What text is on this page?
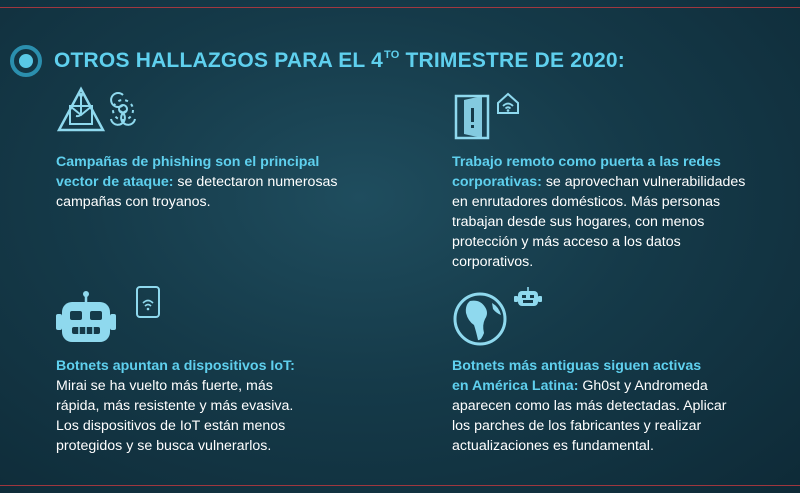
OTROS HALLAZGOS PARA EL $4^{TO}$ TRIMESTRE DE 2020:
Campañas de phishing son el principal
vector de ataque: se detectaron numerosas
campañas con troyanos.
Trabajo remoto como puerta a las redes
corporativas: se aprovechan vulnerabilidades
en enrutadores domésticos. Más personas
trabajan desde sus hogares, con menos
protección y más acceso a los datos
corporativos.
Botnets apuntan a dispositivos IoT:
Mirai se ha vuelto más fuerte, más
rápida, más resistente y más evasiva.
Los dispositivos de IoT están menos
protegidos y se busca vulnerarlos.
Botnets más antiguas siguen activas
en América Latina: Gh0st y Andromeda
aparecen como las más detectadas. Aplicar
los parches de los fabricantes y realizar
actualizaciones es fundamental.
